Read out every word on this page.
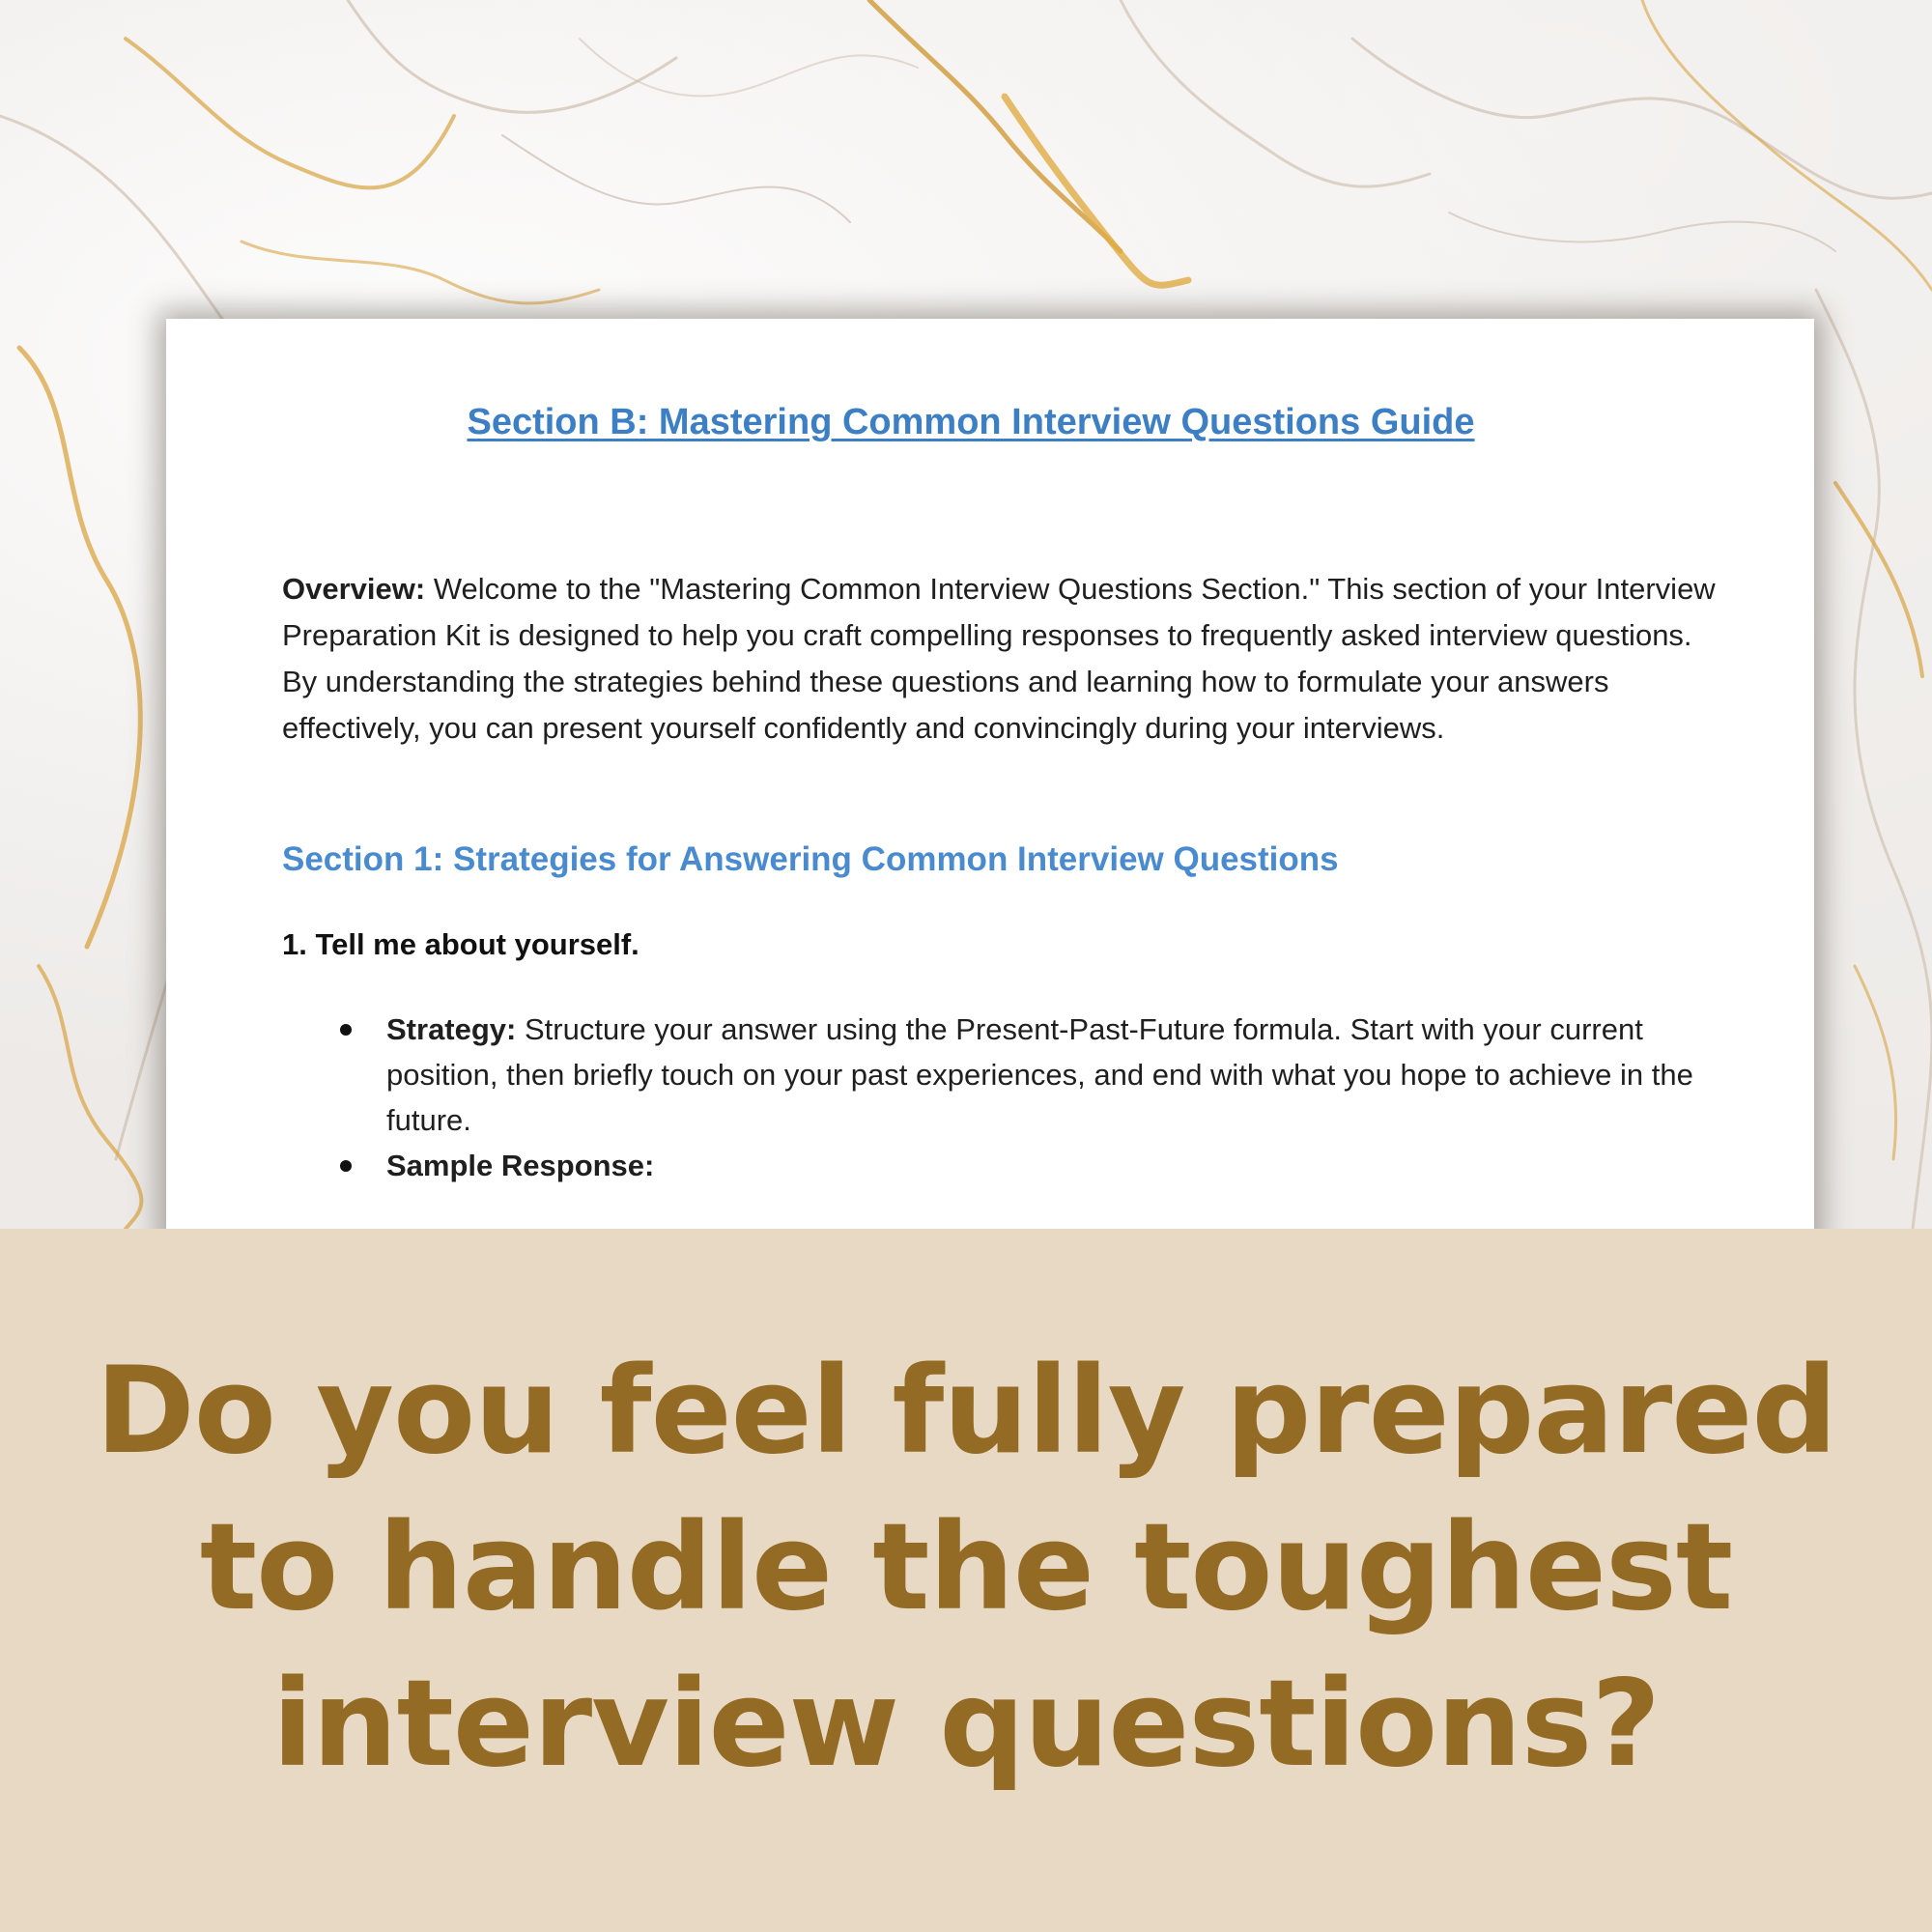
Section B: Mastering Common Interview Questions Guide
Overview: Welcome to the "Mastering Common Interview Questions Section." This section of your Interview Preparation Kit is designed to help you craft compelling responses to frequently asked interview questions. By understanding the strategies behind these questions and learning how to formulate your answers effectively, you can present yourself confidently and convincingly during your interviews.
Section 1: Strategies for Answering Common Interview Questions
1. Tell me about yourself.
Strategy: Structure your answer using the Present-Past-Future formula. Start with your current position, then briefly touch on your past experiences, and end with what you hope to achieve in the future.
Sample Response:
Do you feel fully prepared
to handle the toughest
interview questions?
